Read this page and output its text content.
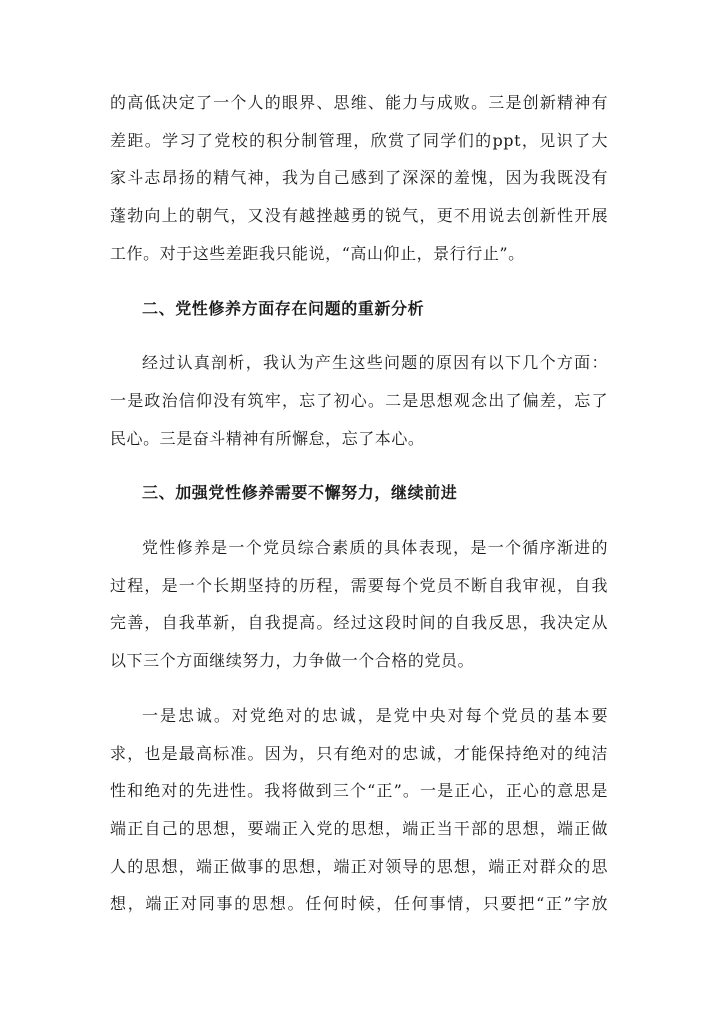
的高低决定了一个人的眼界、思维、能力与成败。三是创新精神有
差距。学习了党校的积分制管理，欣赏了同学们的ppt，见识了大
家斗志昂扬的精气神，我为自己感到了深深的羞愧，因为我既没有
蓬勃向上的朝气，又没有越挫越勇的锐气，更不用说去创新性开展
工作。对于这些差距我只能说，“高山仰止，景行行止”。
二、党性修养方面存在问题的重新分析
经过认真剖析，我认为产生这些问题的原因有以下几个方面：
一是政治信仰没有筑牢，忘了初心。二是思想观念出了偏差，忘了
民心。三是奋斗精神有所懈怠，忘了本心。
三、加强党性修养需要不懈努力，继续前进
党性修养是一个党员综合素质的具体表现，是一个循序渐进的
过程，是一个长期坚持的历程，需要每个党员不断自我审视，自我
完善，自我革新，自我提高。经过这段时间的自我反思，我决定从
以下三个方面继续努力，力争做一个合格的党员。
一是忠诚。对党绝对的忠诚，是党中央对每个党员的基本要
求，也是最高标准。因为，只有绝对的忠诚，才能保持绝对的纯洁
性和绝对的先进性。我将做到三个“正”。一是正心，正心的意思是
端正自己的思想，要端正入党的思想，端正当干部的思想，端正做
人的思想，端正做事的思想，端正对领导的思想，端正对群众的思
想，端正对同事的思想。任何时候，任何事情，只要把“正”字放
